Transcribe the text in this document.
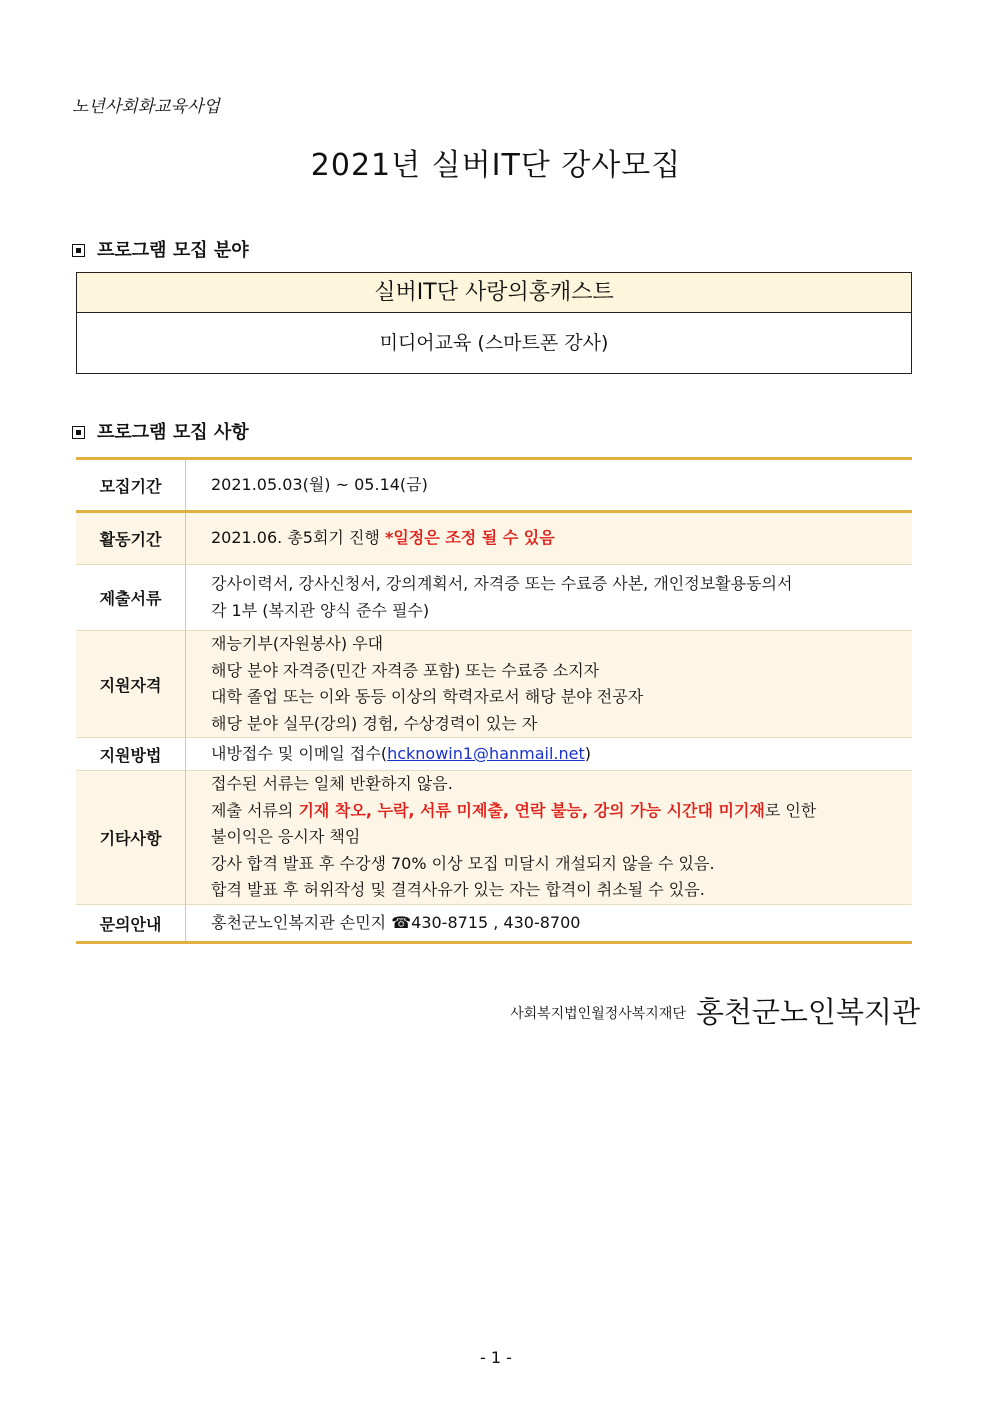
노년사회화교육사업
2021년 실버IT단 강사모집
프로그램 모집 분야
실버IT단 사랑의홍캐스트
미디어교육 (스마트폰 강사)
프로그램 모집 사항
모집기간	2021.05.03(월) ~ 05.14(금)
활동기간	2021.06. 총5회기 진행 *일정은 조정 될 수 있음
제출서류	강사이력서, 강사신청서, 강의계획서, 자격증 또는 수료증 사본, 개인정보활용동의서
각 1부 (복지관 양식 준수 필수)

지원자격	재능기부(자원봉사) 우대
해당 분야 자격증(민간 자격증 포함) 또는 수료증 소지자
대학 졸업 또는 이와 동등 이상의 학력자로서 해당 분야 전공자
해당 분야 실무(강의) 경험, 수상경력이 있는 자

지원방법	내방접수 및 이메일 접수(hcknowin1@hanmail.net)
기타사항	접수된 서류는 일체 반환하지 않음.
제출 서류의 기재 착오, 누락, 서류 미제출, 연락 불능, 강의 가능 시간대 미기재로 인한
불이익은 응시자 책임
강사 합격 발표 후 수강생 70% 이상 모집 미달시 개설되지 않을 수 있음.
합격 발표 후 허위작성 및 결격사유가 있는 자는 합격이 취소될 수 있음.

문의안내	홍천군노인복지관 손민지 ☎430-8715 , 430-8700
사회복지법인월정사복지재단 홍천군노인복지관
- 1 -
